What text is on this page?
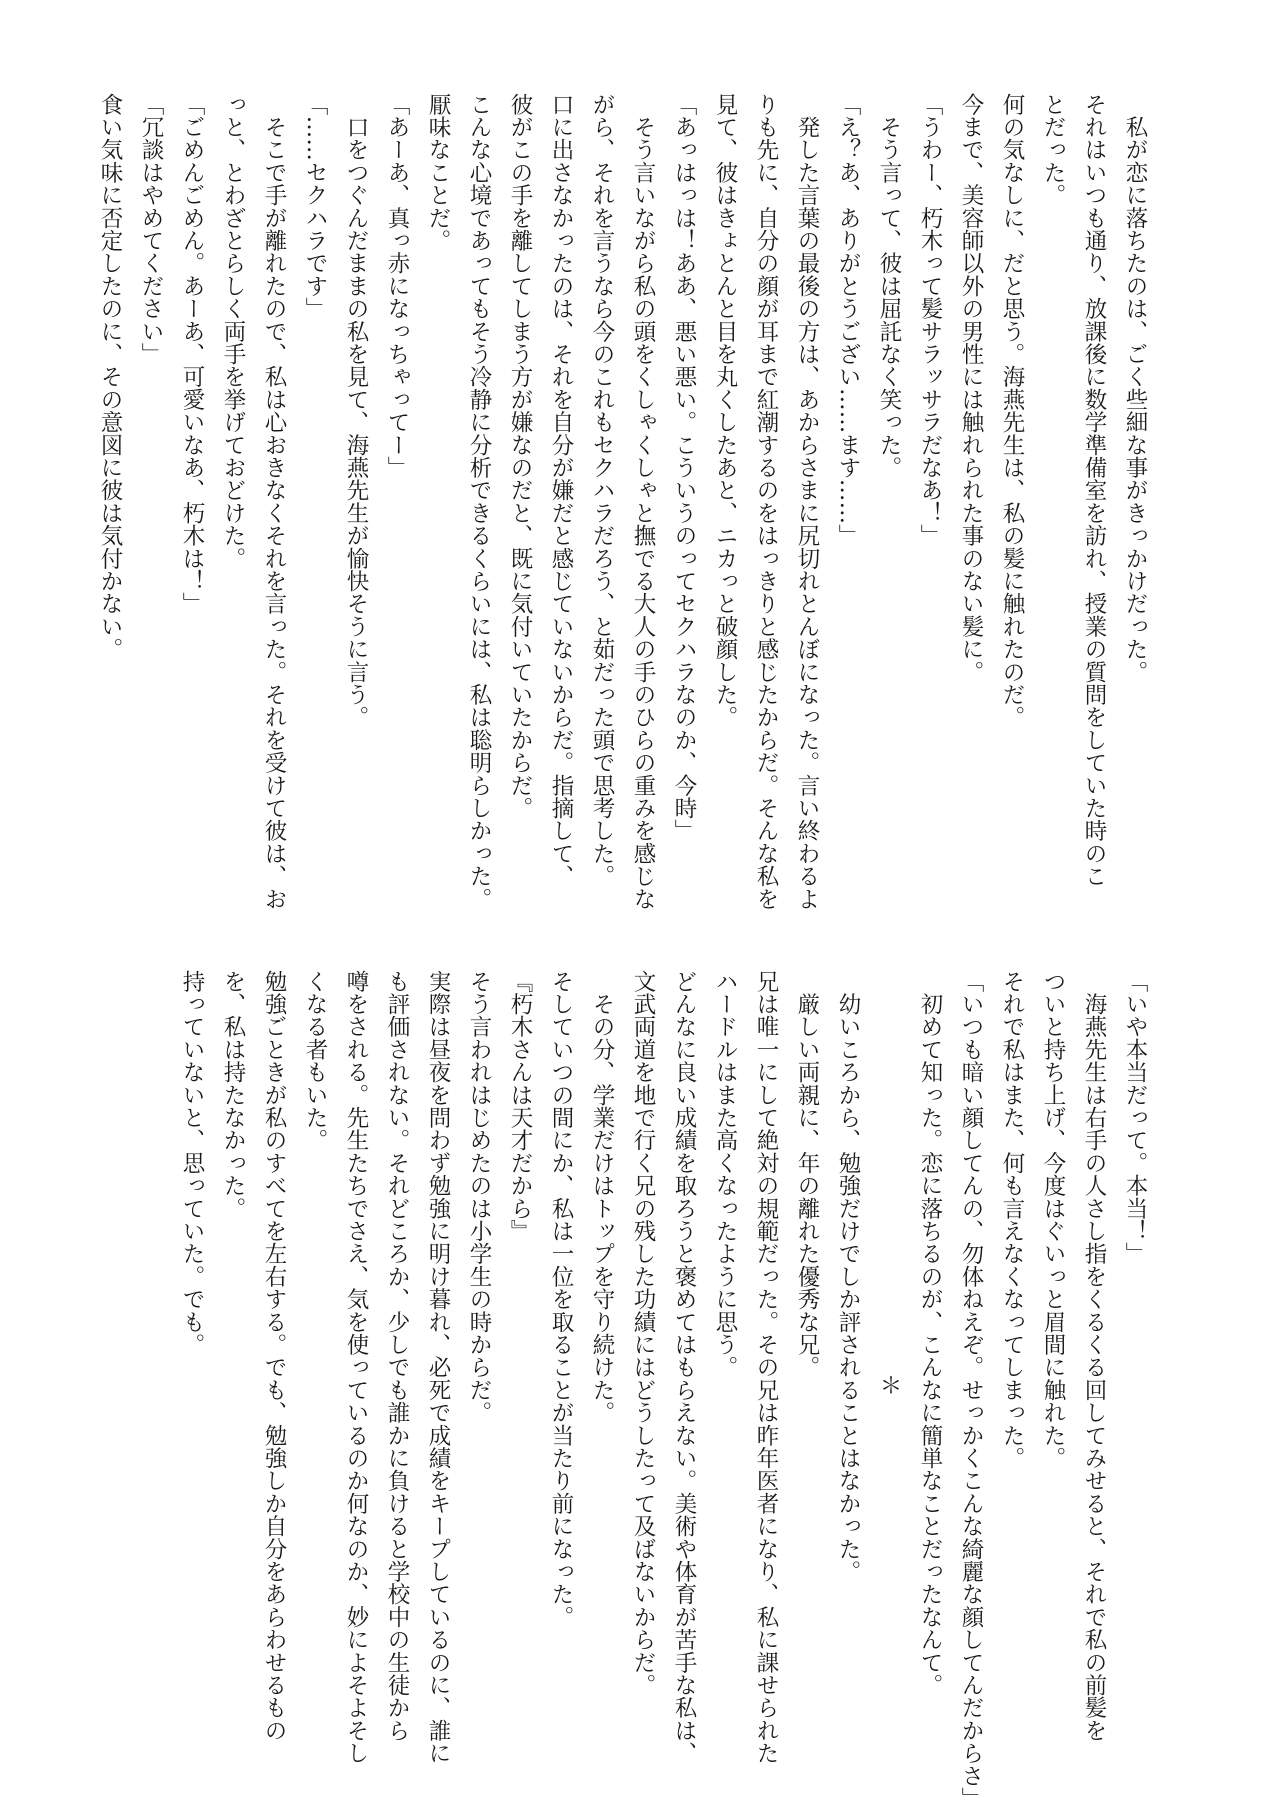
　私が恋に落ちたのは、ごく些細な事がきっかけだった。
それはいつも通り、放課後に数学準備室を訪れ、授業の質問をしていた時のこ
とだった。
何の気なしに、だと思う。海燕先生は、私の髪に触れたのだ。
今まで、美容師以外の男性には触れられた事のない髪に。
「うわー、朽木って髪サラッサラだなあ！」
　そう言って、彼は屈託なく笑った。
「え？あ、ありがとうござい……ます……」
　発した言葉の最後の方は、あからさまに尻切れとんぼになった。言い終わるよ
りも先に、自分の顔が耳まで紅潮するのをはっきりと感じたからだ。そんな私を
見て、彼はきょとんと目を丸くしたあと、ニカっと破顔した。
「あっはっは！ああ、悪い悪い。こういうのってセクハラなのか、今時」
　そう言いながら私の頭をくしゃくしゃと撫でる大人の手のひらの重みを感じな
がら、それを言うなら今のこれもセクハラだろう、と茹だった頭で思考した。
口に出さなかったのは、それを自分が嫌だと感じていないからだ。指摘して、
彼がこの手を離してしまう方が嫌なのだと、既に気付いていたからだ。
こんな心境であってもそう冷静に分析できるくらいには、私は聡明らしかった。
厭味なことだ。
「あーあ、真っ赤になっちゃってー」
　口をつぐんだままの私を見て、海燕先生が愉快そうに言う。
「……セクハラです」
　そこで手が離れたので、私は心おきなくそれを言った。それを受けて彼は、お
っと、とわざとらしく両手を挙げておどけた。
「ごめんごめん。あーあ、可愛いなあ、朽木は！」
「冗談はやめてください」
食い気味に否定したのに、その意図に彼は気付かない。
「いや本当だって。本当！」
　海燕先生は右手の人さし指をくるくる回してみせると、それで私の前髪を
ついと持ち上げ、今度はぐいっと眉間に触れた。
それで私はまた、何も言えなくなってしまった。
「いつも暗い顔してんの、勿体ねえぞ。せっかくこんな綺麗な顔してんだからさ」
　初めて知った。恋に落ちるのが、こんなに簡単なことだったなんて。
＊
　幼いころから、勉強だけでしか評されることはなかった。
　厳しい両親に、年の離れた優秀な兄。
兄は唯一にして絶対の規範だった。その兄は昨年医者になり、私に課せられた
ハードルはまた高くなったように思う。
どんなに良い成績を取ろうと褒めてはもらえない。美術や体育が苦手な私は、
文武両道を地で行く兄の残した功績にはどうしたって及ばないからだ。
　その分、学業だけはトップを守り続けた。
そしていつの間にか、私は一位を取ることが当たり前になった。
『朽木さんは天才だから』
そう言われはじめたのは小学生の時からだ。
実際は昼夜を問わず勉強に明け暮れ、必死で成績をキープしているのに、誰に
も評価されない。それどころか、少しでも誰かに負けると学校中の生徒から
噂をされる。先生たちでさえ、気を使っているのか何なのか、妙によそよそし
くなる者もいた。
勉強ごときが私のすべてを左右する。でも、勉強しか自分をあらわせるもの
を、私は持たなかった。
持っていないと、思っていた。でも。
